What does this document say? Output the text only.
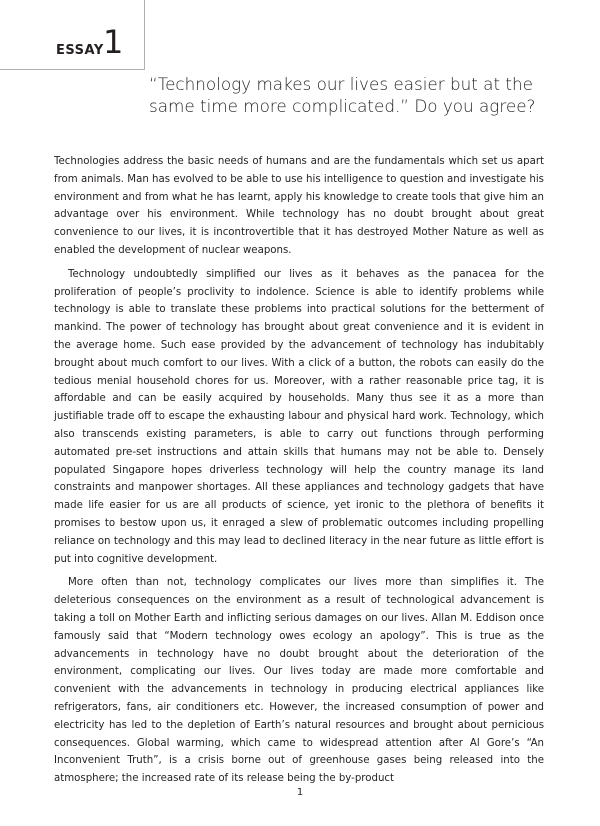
ESSAY 1
“Technology makes our lives easier but at the same time more complicated.” Do you agree?

Technologies address the basic needs of humans and are the fundamentals which set us apart from animals. Man has evolved to be able to use his intelligence to question and investigate his environment and from what he has learnt, apply his knowledge to create tools that give him an advantage over his environment. While technology has no doubt brought about great convenience to our lives, it is incontrovertible that it has destroyed Mother Nature as well as enabled the development of nuclear weapons.

Technology undoubtedly simplified our lives as it behaves as the panacea for the proliferation of people’s proclivity to indolence. Science is able to identify problems while technology is able to translate these problems into practical solutions for the betterment of mankind. The power of technology has brought about great convenience and it is evident in the average home. Such ease provided by the advancement of technology has indubitably brought about much comfort to our lives. With a click of a button, the robots can easily do the tedious menial household chores for us. Moreover, with a rather reasonable price tag, it is affordable and can be easily acquired by households. Many thus see it as a more than justifiable trade off to escape the exhausting labour and physical hard work. Technology, which also transcends existing parameters, is able to carry out functions through performing automated pre-set instructions and attain skills that humans may not be able to. Densely populated Singapore hopes driverless technology will help the country manage its land constraints and manpower shortages. All these appliances and technology gadgets that have made life easier for us are all products of science, yet ironic to the plethora of benefits it promises to bestow upon us, it enraged a slew of problematic outcomes including propelling reliance on technology and this may lead to declined literacy in the near future as little effort is put into cognitive development.

More often than not, technology complicates our lives more than simplifies it. The deleterious consequences on the environment as a result of technological advancement is taking a toll on Mother Earth and inflicting serious damages on our lives. Allan M. Eddison once famously said that “Modern technology owes ecology an apology”. This is true as the advancements in technology have no doubt brought about the deterioration of the environment, complicating our lives. Our lives today are made more comfortable and convenient with the advancements in technology in producing electrical appliances like refrigerators, fans, air conditioners etc. However, the increased consumption of power and electricity has led to the depletion of Earth’s natural resources and brought about pernicious consequences. Global warming, which came to widespread attention after Al Gore’s “An Inconvenient Truth”, is a crisis borne out of greenhouse gases being released into the atmosphere; the increased rate of its release being the by-product

1
